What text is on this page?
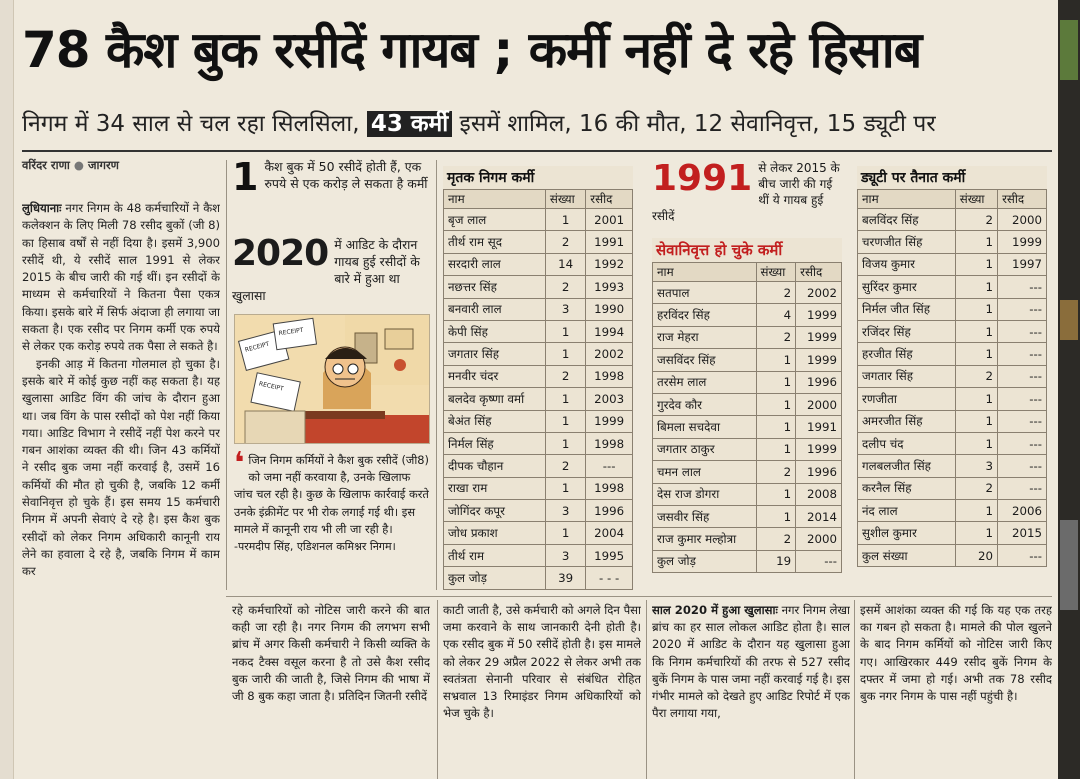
78 कैश बुक रसीदें गायब ; कर्मी नहीं दे रहे हिसाब
निगम में 34 साल से चल रहा सिलसिला, 43 कर्मी इसमें शामिल, 16 की मौत, 12 सेवानिवृत्त, 15 ड्यूटी पर
वरिंदर राणा ● जागरण

लुधियानाः नगर निगम के 48 कर्मचारियों ने कैश कलेक्शन के लिए मिली 78 रसीद बुकों (जी 8) का हिसाब वर्षों से नहीं दिया है। इसमें 3,900 रसीदें थी, ये रसीदें साल 1991 से लेकर 2015 के बीच जारी की गई थीं। इन रसीदों के माध्यम से कर्मचारियों ने कितना पैसा एकत्र किया। इसके बारे में सिर्फ अंदाजा ही लगाया जा सकता है। एक रसीद पर निगम कर्मी एक रुपये से लेकर एक करोड़ रुपये तक पैसा ले सकते है।

इनकी आड़ में कितना गोलमाल हो चुका है। इसके बारे में कोई कुछ नहीं कह सकता है। यह खुलासा आडिट विंग की जांच के दौरान हुआ था। जब विंग के पास रसीदों को पेश नहीं किया गया। आडिट विभाग ने रसीदें नहीं पेश करने पर गबन आशंका व्यक्त की थी। जिन 43 कर्मियों ने रसीद बुक जमा नहीं करवाई है, उसमें 16 कर्मियों की मौत हो चुकी है, जबकि 12 कर्मी सेवानिवृत्त हो चुके हैं। इस समय 15 कर्मचारी निगम में अपनी सेवाएं दे रहे है। इस कैश बुक रसीदों को लेकर निगम अधिकारी कानूनी राय लेने का हवाला दे रहे है, जबकि निगम में काम कर

1 कैश बुक में 50 रसीदें होती हैं, एक रुपये से एक करोड़ ले सकता है कर्मी
2020 में आडिट के दौरान गायब हुई रसीदों के बारे में हुआ था खुलासा
RECEIPT
RECEIPT
RECEIPT
❛ जिन निगम कर्मियों ने कैश बुक रसीदें (जी8) को जमा नहीं करवाया है, उनके खिलाफ जांच चल रही है। कुछ के खिलाफ कार्रवाई करते उनके इंक्रीमेंट पर भी रोक लगाई गई थी। इस मामले में कानूनी राय भी ली जा रही है।
-परमदीप सिंह, एडिशनल कमिश्नर निगम।
मृतक निगम कर्मी
नाम	संख्या	रसीद
बृज लाल	1	2001
तीर्थ राम सूद	2	1991
सरदारी लाल	14	1992
नछत्तर सिंह	2	1993
बनवारी लाल	3	1990
केपी सिंह	1	1994
जगतार सिंह	1	2002
मनवीर चंदर	2	1998
बलदेव कृष्णा वर्मा	1	2003
बेअंत सिंह	1	1999
निर्मल सिंह	1	1998
दीपक चौहान	2	---
राखा राम	1	1998
जोगिंदर कपूर	3	1996
जोध प्रकाश	1	2004
तीर्थ राम	3	1995
कुल जोड़	39	- - -
1991 से लेकर 2015 के बीच जारी की गई थीं ये गायब हुई रसीदें
सेवानिवृत्त हो चुके कर्मी
नाम	संख्या	रसीद
सतपाल	2	2002
हरविंदर सिंह	4	1999
राज मेहरा	2	1999
जसविंदर सिंह	1	1999
तरसेम लाल	1	1996
गुरदेव कौर	1	2000
बिमला सचदेवा	1	1991
जगतार ठाकुर	1	1999
चमन लाल	2	1996
देस राज डोगरा	1	2008
जसवीर सिंह	1	2014
राज कुमार मल्होत्रा	2	2000
कुल जोड़	19	---
ड्यूटी पर तैनात कर्मी
नाम	संख्या	रसीद
बलविंदर सिंह	2	2000
चरणजीत सिंह	1	1999
विजय कुमार	1	1997
सुरिंदर कुमार	1	---
निर्मल जीत सिंह	1	---
रजिंदर सिंह	1	---
हरजीत सिंह	1	---
जगतार सिंह	2	---
रणजीता	1	---
अमरजीत सिंह	1	---
दलीप चंद	1	---
गलबलजीत सिंह	3	---
करनैल सिंह	2	---
नंद लाल	1	2006
सुशील कुमार	1	2015
कुल संख्या	20	---
रहे कर्मचारियों को नोटिस जारी करने की बात कही जा रही है। नगर निगम की लगभग सभी ब्रांच में अगर किसी कर्मचारी ने किसी व्यक्ति के नकद टैक्स वसूल करना है तो उसे कैश रसीद बुक जारी की जाती है, जिसे निगम की भाषा में जी 8 बुक कहा जाता है। प्रतिदिन जितनी रसीदें
काटी जाती है, उसे कर्मचारी को अगले दिन पैसा जमा करवाने के साथ जानकारी देनी होती है। एक रसीद बुक में 50 रसीदें होती है। इस मामले को लेकर 29 अप्रैल 2022 से लेकर अभी तक स्वतंत्रता सेनानी परिवार से संबंधित रोहित सभ्रवाल 13 रिमाइंडर निगम अधिकारियों को भेज चुके है।
साल 2020 में हुआ खुलासाः नगर निगम लेखा ब्रांच का हर साल लोकल आडिट होता है। साल 2020 में आडिट के दौरान यह खुलासा हुआ कि निगम कर्मचारियों की तरफ से 527 रसीद बुकें निगम के पास जमा नहीं करवाई गई है। इस गंभीर मामले को देखते हुए आडिट रिपोर्ट में एक पैरा लगाया गया,
इसमें आशंका व्यक्त की गई कि यह एक तरह का गबन हो सकता है। मामले की पोल खुलने के बाद निगम कर्मियों को नोटिस जारी किए गए। आखिरकार 449 रसीद बुकें निगम के दफ्तर में जमा हो गई। अभी तक 78 रसीद बुक नगर निगम के पास नहीं पहुंची है।
